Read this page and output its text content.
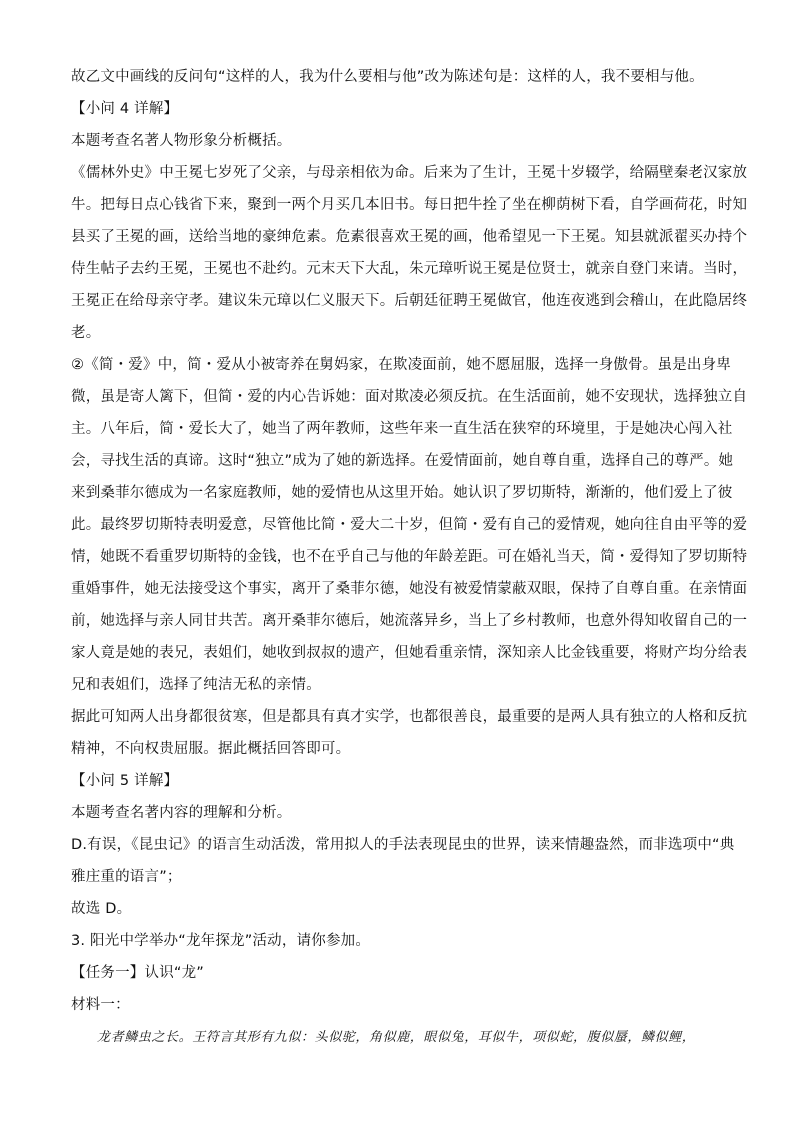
故乙文中画线的反问句“这样的人，我为什么要相与他”改为陈述句是：这样的人，我不要相与他。
【小问 4 详解】
本题考查名著人物形象分析概括。
《儒林外史》中王冕七岁死了父亲，与母亲相依为命。后来为了生计，王冕十岁辍学，给隔壁秦老汉家放
牛。把每日点心钱省下来，聚到一两个月买几本旧书。每日把牛拴了坐在柳荫树下看，自学画荷花，时知
县买了王冕的画，送给当地的豪绅危素。危素很喜欢王冕的画，他希望见一下王冕。知县就派翟买办持个
侍生帖子去约王冕，王冕也不赴约。元末天下大乱，朱元璋听说王冕是位贤士，就亲自登门来请。当时，
王冕正在给母亲守孝。建议朱元璋以仁义服天下。后朝廷征聘王冕做官，他连夜逃到会稽山，在此隐居终
老。
②《简・爱》中，简・爱从小被寄养在舅妈家，在欺凌面前，她不愿屈服，选择一身傲骨。虽是出身卑
微，虽是寄人篱下，但简・爱的内心告诉她：面对欺凌必须反抗。在生活面前，她不安现状，选择独立自
主。八年后，简・爱长大了，她当了两年教师，这些年来一直生活在狭窄的环境里，于是她决心闯入社
会，寻找生活的真谛。这时“独立”成为了她的新选择。在爱情面前，她自尊自重，选择自己的尊严。她
来到桑菲尔德成为一名家庭教师，她的爱情也从这里开始。她认识了罗切斯特，渐渐的，他们爱上了彼
此。最终罗切斯特表明爱意，尽管他比简・爱大二十岁，但简・爱有自己的爱情观，她向往自由平等的爱
情，她既不看重罗切斯特的金钱，也不在乎自己与他的年龄差距。可在婚礼当天，简・爱得知了罗切斯特
重婚事件，她无法接受这个事实，离开了桑菲尔德，她没有被爱情蒙蔽双眼，保持了自尊自重。在亲情面
前，她选择与亲人同甘共苦。离开桑菲尔德后，她流落异乡，当上了乡村教师，也意外得知收留自己的一
家人竟是她的表兄，表姐们，她收到叔叔的遗产，但她看重亲情，深知亲人比金钱重要，将财产均分给表
兄和表姐们，选择了纯洁无私的亲情。
据此可知两人出身都很贫寒，但是都具有真才实学，也都很善良，最重要的是两人具有独立的人格和反抗
精神，不向权贵屈服。据此概括回答即可。
【小问 5 详解】
本题考查名著内容的理解和分析。
D.有误，《昆虫记》的语言生动活泼，常用拟人的手法表现昆虫的世界，读来情趣盎然，而非选项中“典
雅庄重的语言”；
故选 D。
3. 阳光中学举办“龙年探龙”活动，请你参加。
【任务一】认识“龙”
材料一：
龙者鳞虫之长。王符言其形有九似：头似驼，角似鹿，眼似兔，耳似牛，项似蛇，腹似蜃，鳞似鲤，
